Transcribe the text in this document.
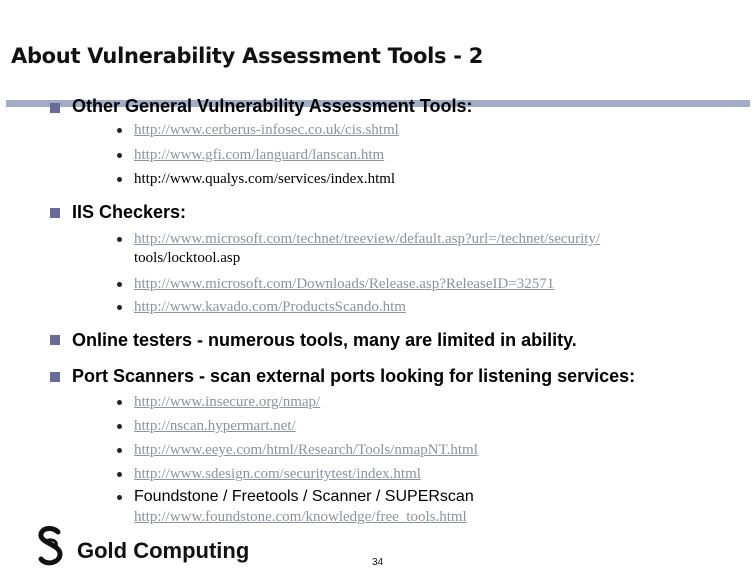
About Vulnerability Assessment Tools - 2
Other General Vulnerability Assessment Tools:
http://www.cerberus-infosec.co.uk/cis.shtml
http://www.gfi.com/languard/lanscan.htm
http://www.qualys.com/services/index.html
IIS Checkers:
http://www.microsoft.com/technet/treeview/default.asp?url=/technet/security/
tools/locktool.asp
http://www.microsoft.com/Downloads/Release.asp?ReleaseID=32571
http://www.kavado.com/ProductsScando.htm
Online testers - numerous tools, many are limited in ability.
Port Scanners - scan external ports looking for listening services:
http://www.insecure.org/nmap/
http://nscan.hypermart.net/
http://www.eeye.com/html/Research/Tools/nmapNT.html
http://www.sdesign.com/securitytest/index.html
Foundstone / Freetools / Scanner / SUPERscan
http://www.foundstone.com/knowledge/free_tools.html
Gold Computing	34
